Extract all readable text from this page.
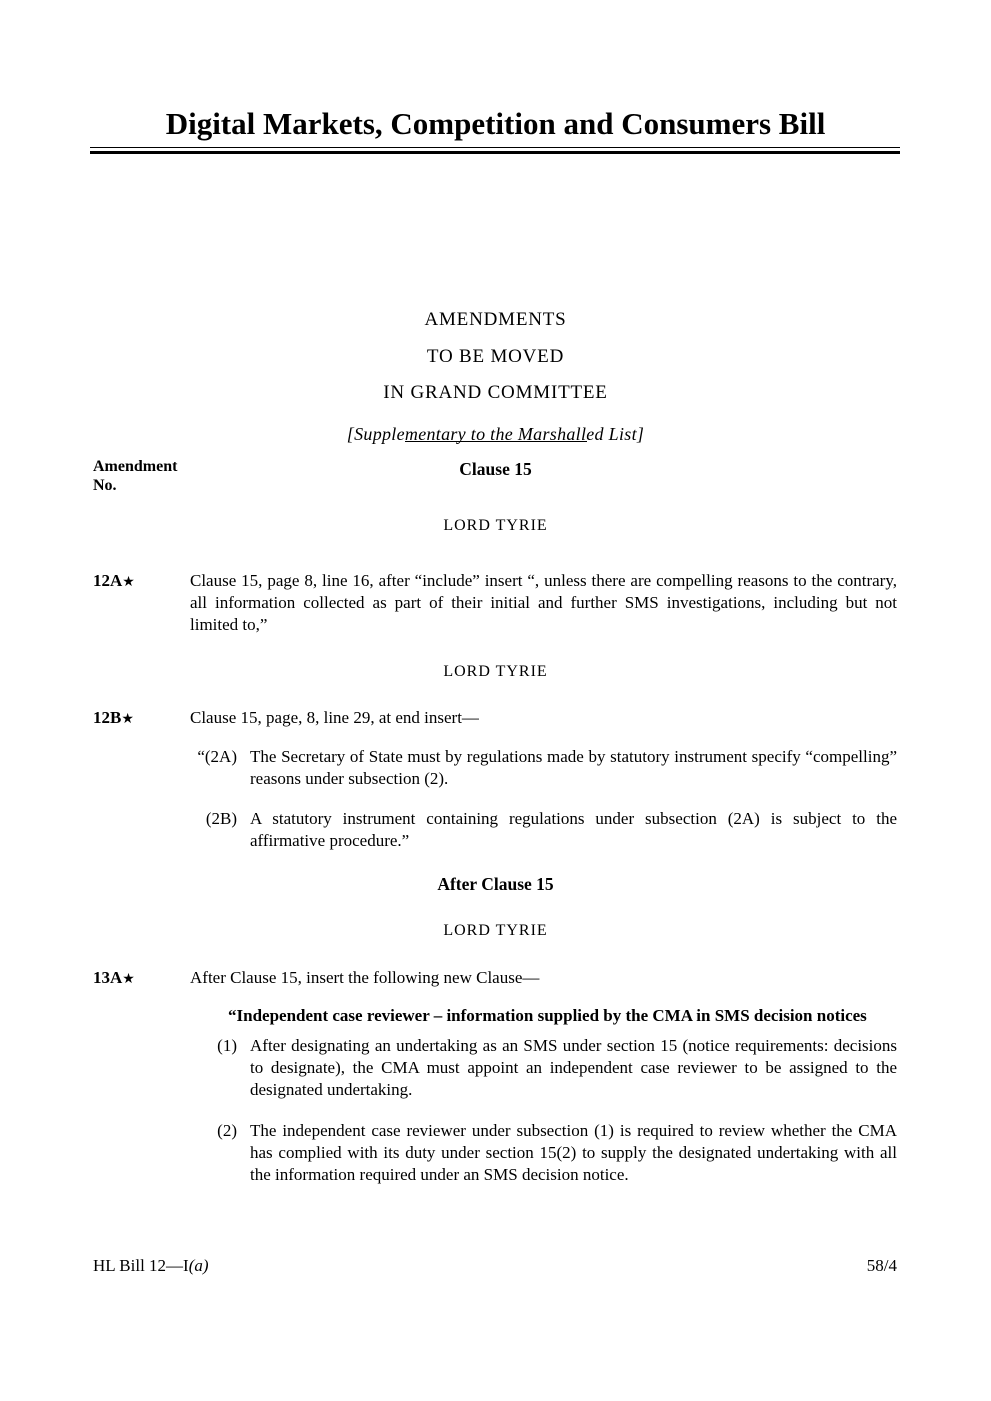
Digital Markets, Competition and Consumers Bill
AMENDMENTS
TO BE MOVED
IN GRAND COMMITTEE
[Supplementary to the Marshalled List]
Amendment
No.
Clause 15
LORD TYRIE
12A★	Clause 15, page 8, line 16, after “include” insert “, unless there are compelling reasons to the contrary, all information collected as part of their initial and further SMS investigations, including but not limited to,”
LORD TYRIE
12B★	Clause 15, page, 8, line 29, at end insert—
“(2A) The Secretary of State must by regulations made by statutory instrument specify “compelling” reasons under subsection (2).
(2B) A statutory instrument containing regulations under subsection (2A) is subject to the affirmative procedure.”
After Clause 15
LORD TYRIE
13A★	After Clause 15, insert the following new Clause—
“Independent case reviewer – information supplied by the CMA in SMS decision notices
(1) After designating an undertaking as an SMS under section 15 (notice requirements: decisions to designate), the CMA must appoint an independent case reviewer to be assigned to the designated undertaking.
(2) The independent case reviewer under subsection (1) is required to review whether the CMA has complied with its duty under section 15(2) to supply the designated undertaking with all the information required under an SMS decision notice.
HL Bill 12—I(a)	58/4
